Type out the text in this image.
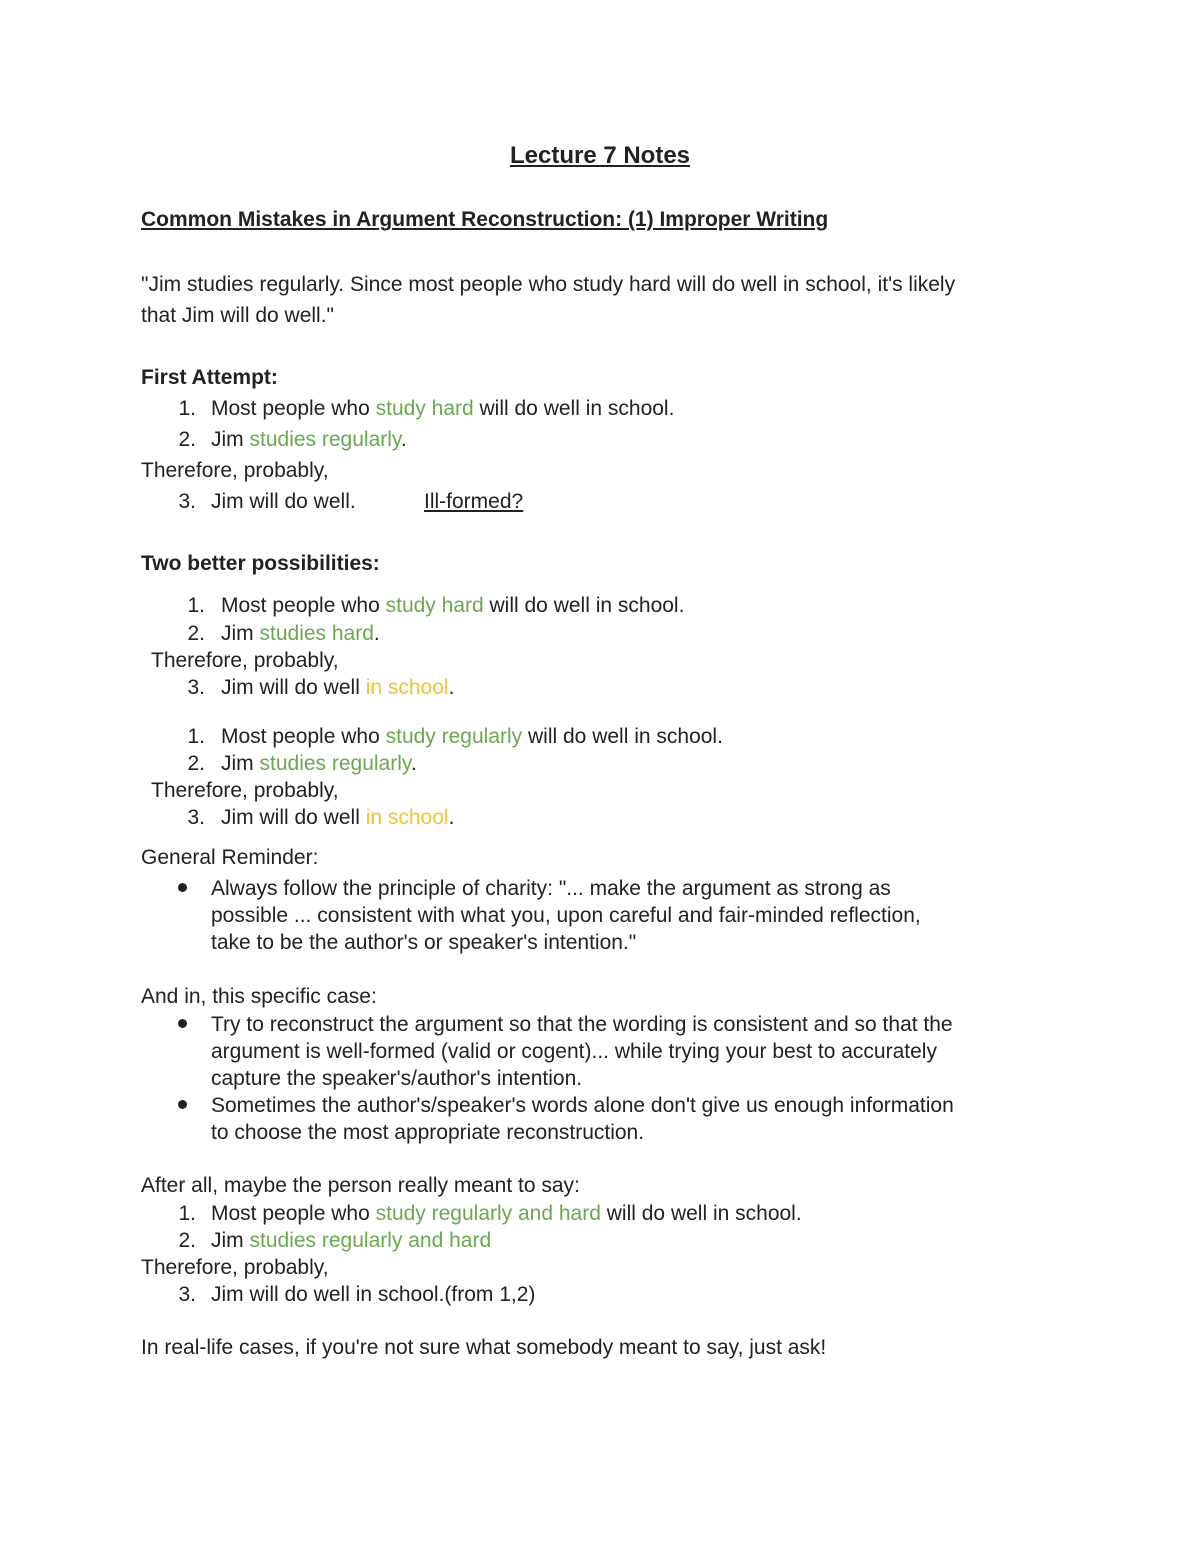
Lecture 7 Notes
Common Mistakes in Argument Reconstruction: (1) Improper Writing
"Jim studies regularly. Since most people who study hard will do well in school, it's likely
that Jim will do well."
First Attempt:
1. Most people who study hard will do well in school.
2. Jim studies regularly.
Therefore, probably,
3. Jim will do well.	Ill-formed?
Two better possibilities:
1. Most people who study hard will do well in school.
2. Jim studies hard.
Therefore, probably,
3. Jim will do well in school.
1. Most people who study regularly will do well in school.
2. Jim studies regularly.
Therefore, probably,
3. Jim will do well in school.
General Reminder:
Always follow the principle of charity: "... make the argument as strong as
possible ... consistent with what you, upon careful and fair-minded reflection,
take to be the author's or speaker's intention."
And in, this specific case:
Try to reconstruct the argument so that the wording is consistent and so that the
argument is well-formed (valid or cogent)... while trying your best to accurately
capture the speaker's/author's intention.
Sometimes the author's/speaker's words alone don't give us enough information
to choose the most appropriate reconstruction.
After all, maybe the person really meant to say:
1. Most people who study regularly and hard will do well in school.
2. Jim studies regularly and hard
Therefore, probably,
3. Jim will do well in school.(from 1,2)
In real-life cases, if you're not sure what somebody meant to say, just ask!
